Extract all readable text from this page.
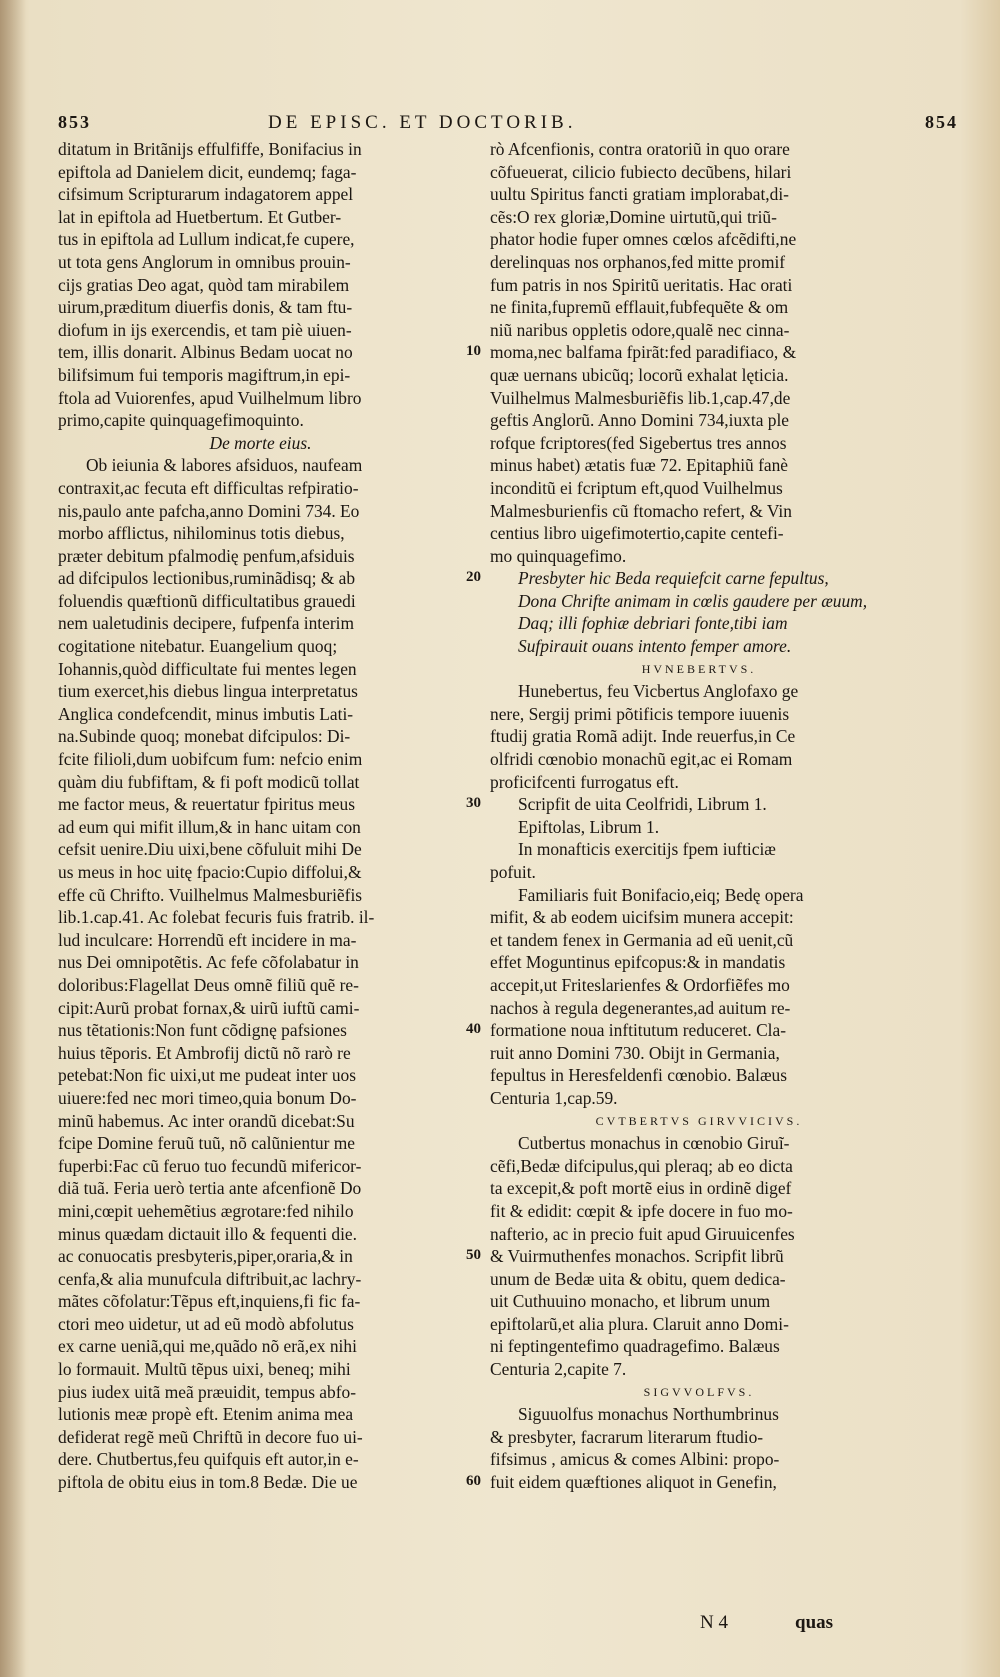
853	DE EPISC. ET DOCTORIB.	854
ditatum in Britãnijs effulfiffe, Bonifacius in
epiftola ad Danielem dicit, eundemq; faga-
cifsimum Scripturarum indagatorem appel
lat in epiftola ad Huetbertum. Et Gutber-
tus in epiftola ad Lullum indicat,fe cupere,
ut tota gens Anglorum in omnibus prouin-
cijs gratias Deo agat, quòd tam mirabilem
uirum,præditum diuerfis donis, & tam ftu-
diofum in ijs exercendis, et tam piè uiuen-
tem, illis donarit. Albinus Bedam uocat no
bilifsimum fui temporis magiftrum,in epi-
ftola ad Vuiorenfes, apud Vuilhelmum libro
primo,capite quinquagefimoquinto.
De morte eius.
Ob ieiunia & labores afsiduos, naufeam
contraxit,ac fecuta eft difficultas refpiratio-
nis,paulo ante pafcha,anno Domini 734. Eo
morbo afflictus, nihilominus totis diebus,
præter debitum pfalmodię penfum,afsiduis
ad difcipulos lectionibus,ruminãdisq; & ab
foluendis quæftionũ difficultatibus grauedi
nem ualetudinis decipere, fufpenfa interim
cogitatione nitebatur. Euangelium quoq;
Iohannis,quòd difficultate fui mentes legen
tium exercet,his diebus lingua interpretatus
Anglica condefcendit, minus imbutis Lati-
na.Subinde quoq; monebat difcipulos: Di-
fcite filioli,dum uobifcum fum: nefcio enim
quàm diu fubfiftam, & fi poft modicũ tollat
me factor meus, & reuertatur fpiritus meus
ad eum qui mifit illum,& in hanc uitam con
cefsit uenire.Diu uixi,bene cõfuluit mihi De
us meus in hoc uitę fpacio:Cupio diffolui,&
effe cũ Chrifto. Vuilhelmus Malmesburiẽfis
lib.1.cap.41. Ac folebat fecuris fuis fratrib. il-
lud inculcare: Horrendũ eft incidere in ma-
nus Dei omnipotẽtis. Ac fefe cõfolabatur in
doloribus:Flagellat Deus omnẽ filiũ quẽ re-
cipit:Aurũ probat fornax,& uirũ iuftũ cami-
nus tẽtationis:Non funt cõdignę pafsiones
huius tẽporis. Et Ambrofij dictũ nõ rarò re
petebat:Non fic uixi,ut me pudeat inter uos
uiuere:fed nec mori timeo,quia bonum Do-
minũ habemus. Ac inter orandũ dicebat:Su
fcipe Domine feruũ tuũ, nõ calũnientur me
fuperbi:Fac cũ feruo tuo fecundũ mifericor-
diã tuã. Feria uerò tertia ante afcenfionẽ Do
mini,cœpit uehemẽtius ægrotare:fed nihilo
minus quædam dictauit illo & fequenti die.
ac conuocatis presbyteris,piper,oraria,& in
cenfa,& alia munufcula diftribuit,ac lachry-
mãtes cõfolatur:Tẽpus eft,inquiens,fi fic fa-
ctori meo uidetur, ut ad eũ modò abfolutus
ex carne ueniã,qui me,quãdo nõ erã,ex nihi
lo formauit. Multũ tẽpus uixi, beneq; mihi
pius iudex uitã meã præuidit, tempus abfo-
lutionis meæ propè eft. Etenim anima mea
defiderat regẽ meũ Chriftũ in decore fuo ui-
dere. Chutbertus,feu quifquis eft autor,in e-
piftola de obitu eius in tom.8 Bedæ. Die ue
rò Afcenfionis, contra oratoriũ in quo orare
cõfueuerat, cilicio fubiecto decũbens, hilari
uultu Spiritus fancti gratiam implorabat,di-
cẽs:O rex gloriæ,Domine uirtutũ,qui triũ-
phator hodie fuper omnes cœlos afcẽdifti,ne
derelinquas nos orphanos,fed mitte promif
fum patris in nos Spiritũ ueritatis. Hac orati
ne finita,fupremũ efflauit,fubfequẽte & om
niũ naribus oppletis odore,qualẽ nec cinna-
moma,nec balfama fpirãt:fed paradifiaco, &
quæ uernans ubicũq; locorũ exhalat lęticia.
Vuilhelmus Malmesburiẽfis lib.1,cap.47,de
geftis Anglorũ. Anno Domini 734,iuxta ple
rofque fcriptores(fed Sigebertus tres annos
minus habet) ætatis fuæ 72. Epitaphiũ fanè
inconditũ ei fcriptum eft,quod Vuilhelmus
Malmesburienfis cũ ftomacho refert, & Vin
centius libro uigefimotertio,capite centefi-
mo quinquagefimo.
Presbyter hic Beda requiefcit carne fepultus,
Dona Chrifte animam in cœlis gaudere per æuum,
Daq; illi fophiæ debriari fonte,tibi iam
Sufpirauit ouans intento femper amore.
HVNEBERTVS.
Hunebertus, feu Vicbertus Anglofaxo ge
nere, Sergij primi põtificis tempore iuuenis
ftudij gratia Romã adijt. Inde reuerfus,in Ce
olfridi cœnobio monachũ egit,ac ei Romam
proficifcenti furrogatus eft.
Scripfit de uita Ceolfridi, Librum 1.
Epiftolas, Librum 1.
In monafticis exercitijs fpem iufticiæ
pofuit.
Familiaris fuit Bonifacio,eiq; Bedę opera
mifit, & ab eodem uicifsim munera accepit:
et tandem fenex in Germania ad eũ uenit,cũ
effet Moguntinus epifcopus:& in mandatis
accepit,ut Friteslarienfes & Ordorfiẽfes mo
nachos à regula degenerantes,ad auitum re-
formatione noua inftitutum reduceret. Cla-
ruit anno Domini 730. Obijt in Germania,
fepultus in Heresfeldenfi cœnobio. Balæus
Centuria 1,cap.59.
CVTBERTVS GIRVVICIVS.
Cutbertus monachus in cœnobio Giruĩ-
cẽfi,Bedæ difcipulus,qui pleraq; ab eo dicta
ta excepit,& poft mortẽ eius in ordinẽ digef
fit & edidit: cœpit & ipfe docere in fuo mo-
nafterio, ac in precio fuit apud Giruuicenfes
& Vuirmuthenfes monachos. Scripfit librũ
unum de Bedæ uita & obitu, quem dedica-
uit Cuthuuino monacho, et librum unum
epiftolarũ,et alia plura. Claruit anno Domi-
ni feptingentefimo quadragefimo. Balæus
Centuria 2,capite 7.
SIGVVOLFVS.
Siguuolfus monachus Northumbrinus
& presbyter, facrarum literarum ftudio-
fifsimus , amicus & comes Albini: propo-
fuit eidem quæftiones aliquot in Genefin,
10
20
30
40
50
60
N 4	quas
